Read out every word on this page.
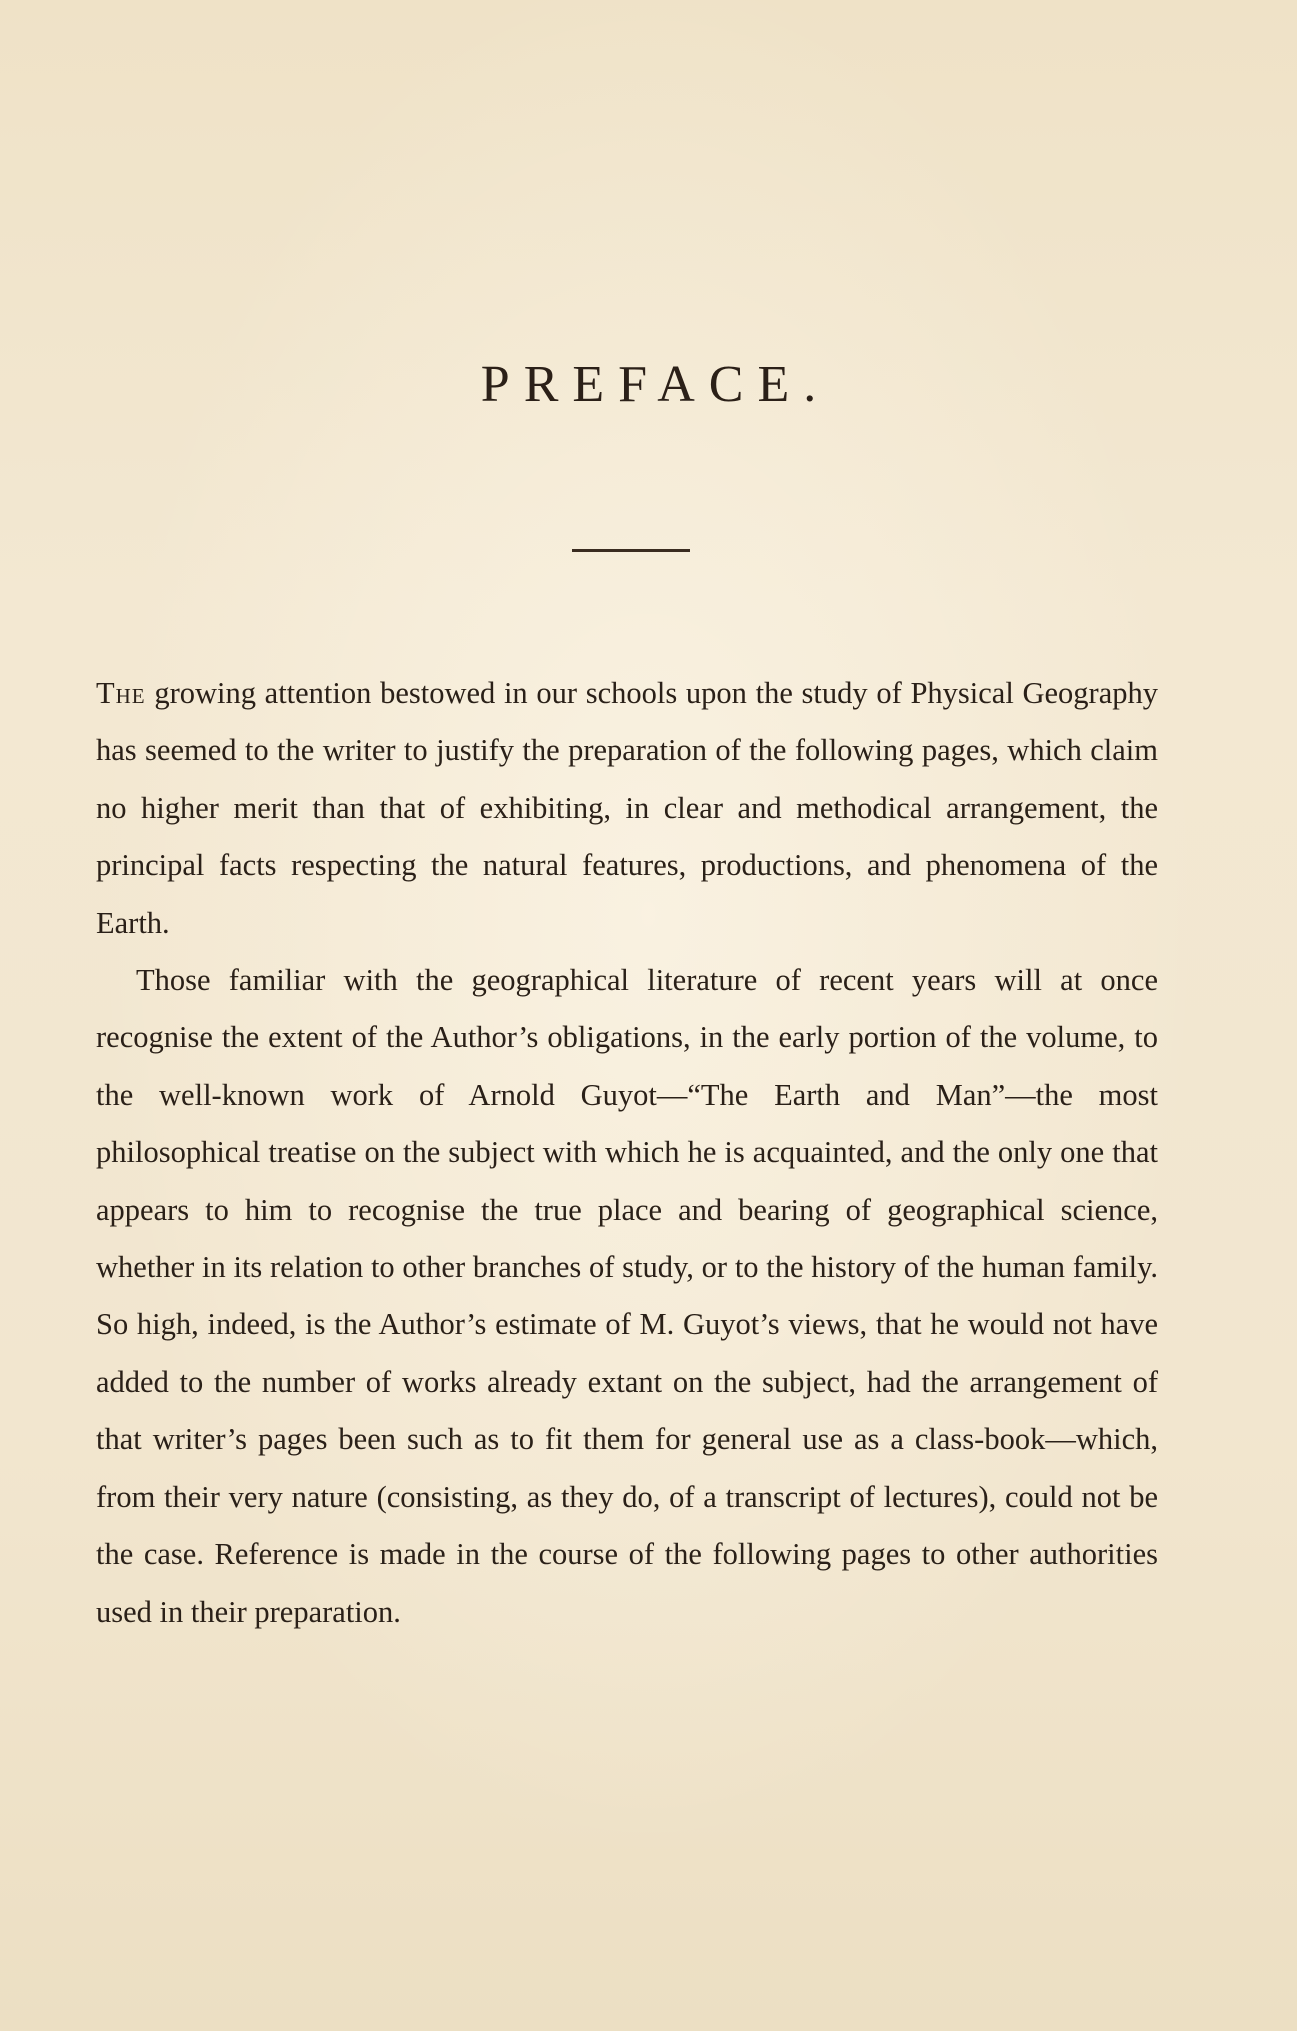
PREFACE.

The growing attention bestowed in our schools upon the study of Physical Geography has seemed to the writer to justify the preparation of the following pages, which claim no higher merit than that of exhibiting, in clear and methodical arrangement, the principal facts respecting the natural features, productions, and phenomena of the Earth.

Those familiar with the geographical literature of recent years will at once recognise the extent of the Author’s obligations, in the early portion of the volume, to the well-known work of Arnold Guyot—“The Earth and Man”—the most philosophical treatise on the subject with which he is acquainted, and the only one that appears to him to recognise the true place and bearing of geographical science, whether in its relation to other branches of study, or to the history of the human family. So high, indeed, is the Author’s estimate of M. Guyot’s views, that he would not have added to the number of works already extant on the subject, had the arrangement of that writer’s pages been such as to fit them for general use as a class-book—which, from their very nature (consisting, as they do, of a transcript of lectures), could not be the case. Reference is made in the course of the following pages to other authorities used in their preparation.
